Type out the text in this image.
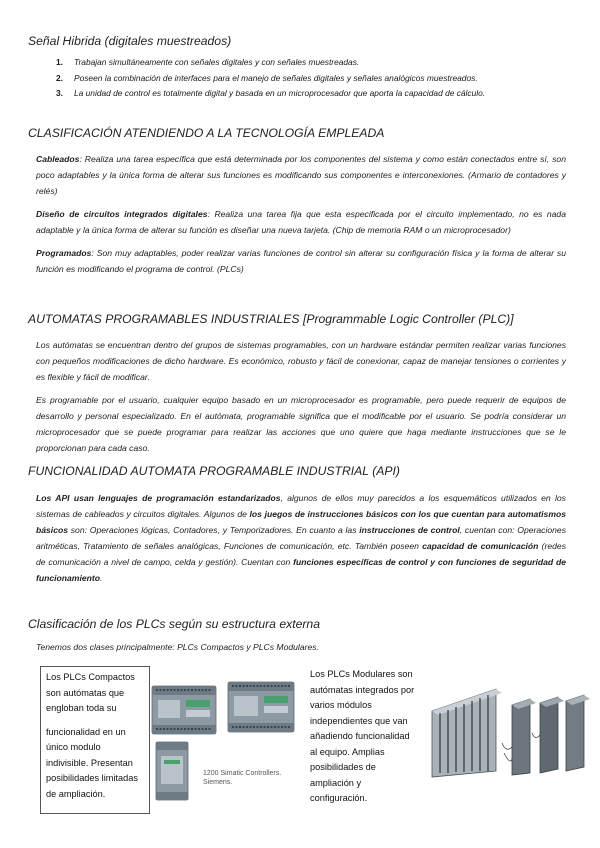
Señal Hibrida (digitales muestreados)
1. Trabajan simultáneamente con señales digitales y con señales muestreadas.
2. Poseen la combinación de interfaces para el manejo de señales digitales y señales analógicos muestreados.
3. La unidad de control es totalmente digital y basada en un microprocesador que aporta la capacidad de cálculo.
CLASIFICACIÓN ATENDIENDO A LA TECNOLOGÍA EMPLEADA
Cableados: Realiza una tarea específica que está determinada por los componentes del sistema y como están conectados entre sí, son poco adaptables y la única forma de alterar sus funciones es modificando sus componentes e interconexiones. (Armario de contadores y relés)
Diseño de circuitos integrados digitales: Realiza una tarea fija que esta especificada por el circuito implementado, no es nada adaptable y la única forma de alterar su función es diseñar una nueva tarjeta. (Chip de memoria RAM o un microprocesador)
Programados: Son muy adaptables, poder realizar varias funciones de control sin alterar su configuración física y la forma de alterar su función es modificando el programa de control. (PLCs)
AUTOMATAS PROGRAMABLES INDUSTRIALES [Programmable Logic Controller (PLC)]
Los autómatas se encuentran dentro del grupos de sistemas programables, con un hardware estándar permiten realizar varias funciones con pequeños modificaciones de dicho hardware. Es económico, robusto y fácil de conexionar, capaz de manejar tensiones o corrientes y es flexible y fácil de modificar.
Es programable por el usuario, cualquier equipo basado en un microprocesador es programable, pero puede requerir de equipos de desarrollo y personal especializado. En el autómata, programable significa que el modificable por el usuario. Se podría considerar un microprocesador que se puede programar para realizar las acciones que uno quiere que haga mediante instrucciones que se le proporcionan para cada caso.
FUNCIONALIDAD AUTOMATA PROGRAMABLE INDUSTRIAL (API)
Los API usan lenguajes de programación estandarizados, algunos de ellos muy parecidos a los esquemáticos utilizados en los sistemas de cableados y circuitos digitales. Algunos de los juegos de instrucciones básicos con los que cuentan para automatismos básicos son: Operaciones lógicas, Contadores, y Temporizadores. En cuanto a las instrucciones de control, cuentan con: Operaciones aritméticas, Tratamiento de señales analógicas, Funciones de comunicación, etc. También poseen capacidad de comunicación (redes de comunicación a nivel de campo, celda y gestión). Cuentan con funciones específicas de control y con funciones de seguridad de funcionamiento.
Clasificación de los PLCs según su estructura externa
Tenemos dos clases principalmente: PLCs Compactos y PLCs Modulares.
Los PLCs Compactos
son autómatas que
engloban toda su
funcionalidad en un
único modulo
indivisible. Presentan
posibilidades limitadas
de ampliación.
1200 Simatic Controllers.
Siemens.
Los PLCs Modulares son
autómatas integrados por
varios módulos
independientes que van
añadiendo funcionalidad
al equipo. Amplias
posibilidades de
ampliación y
configuración.
